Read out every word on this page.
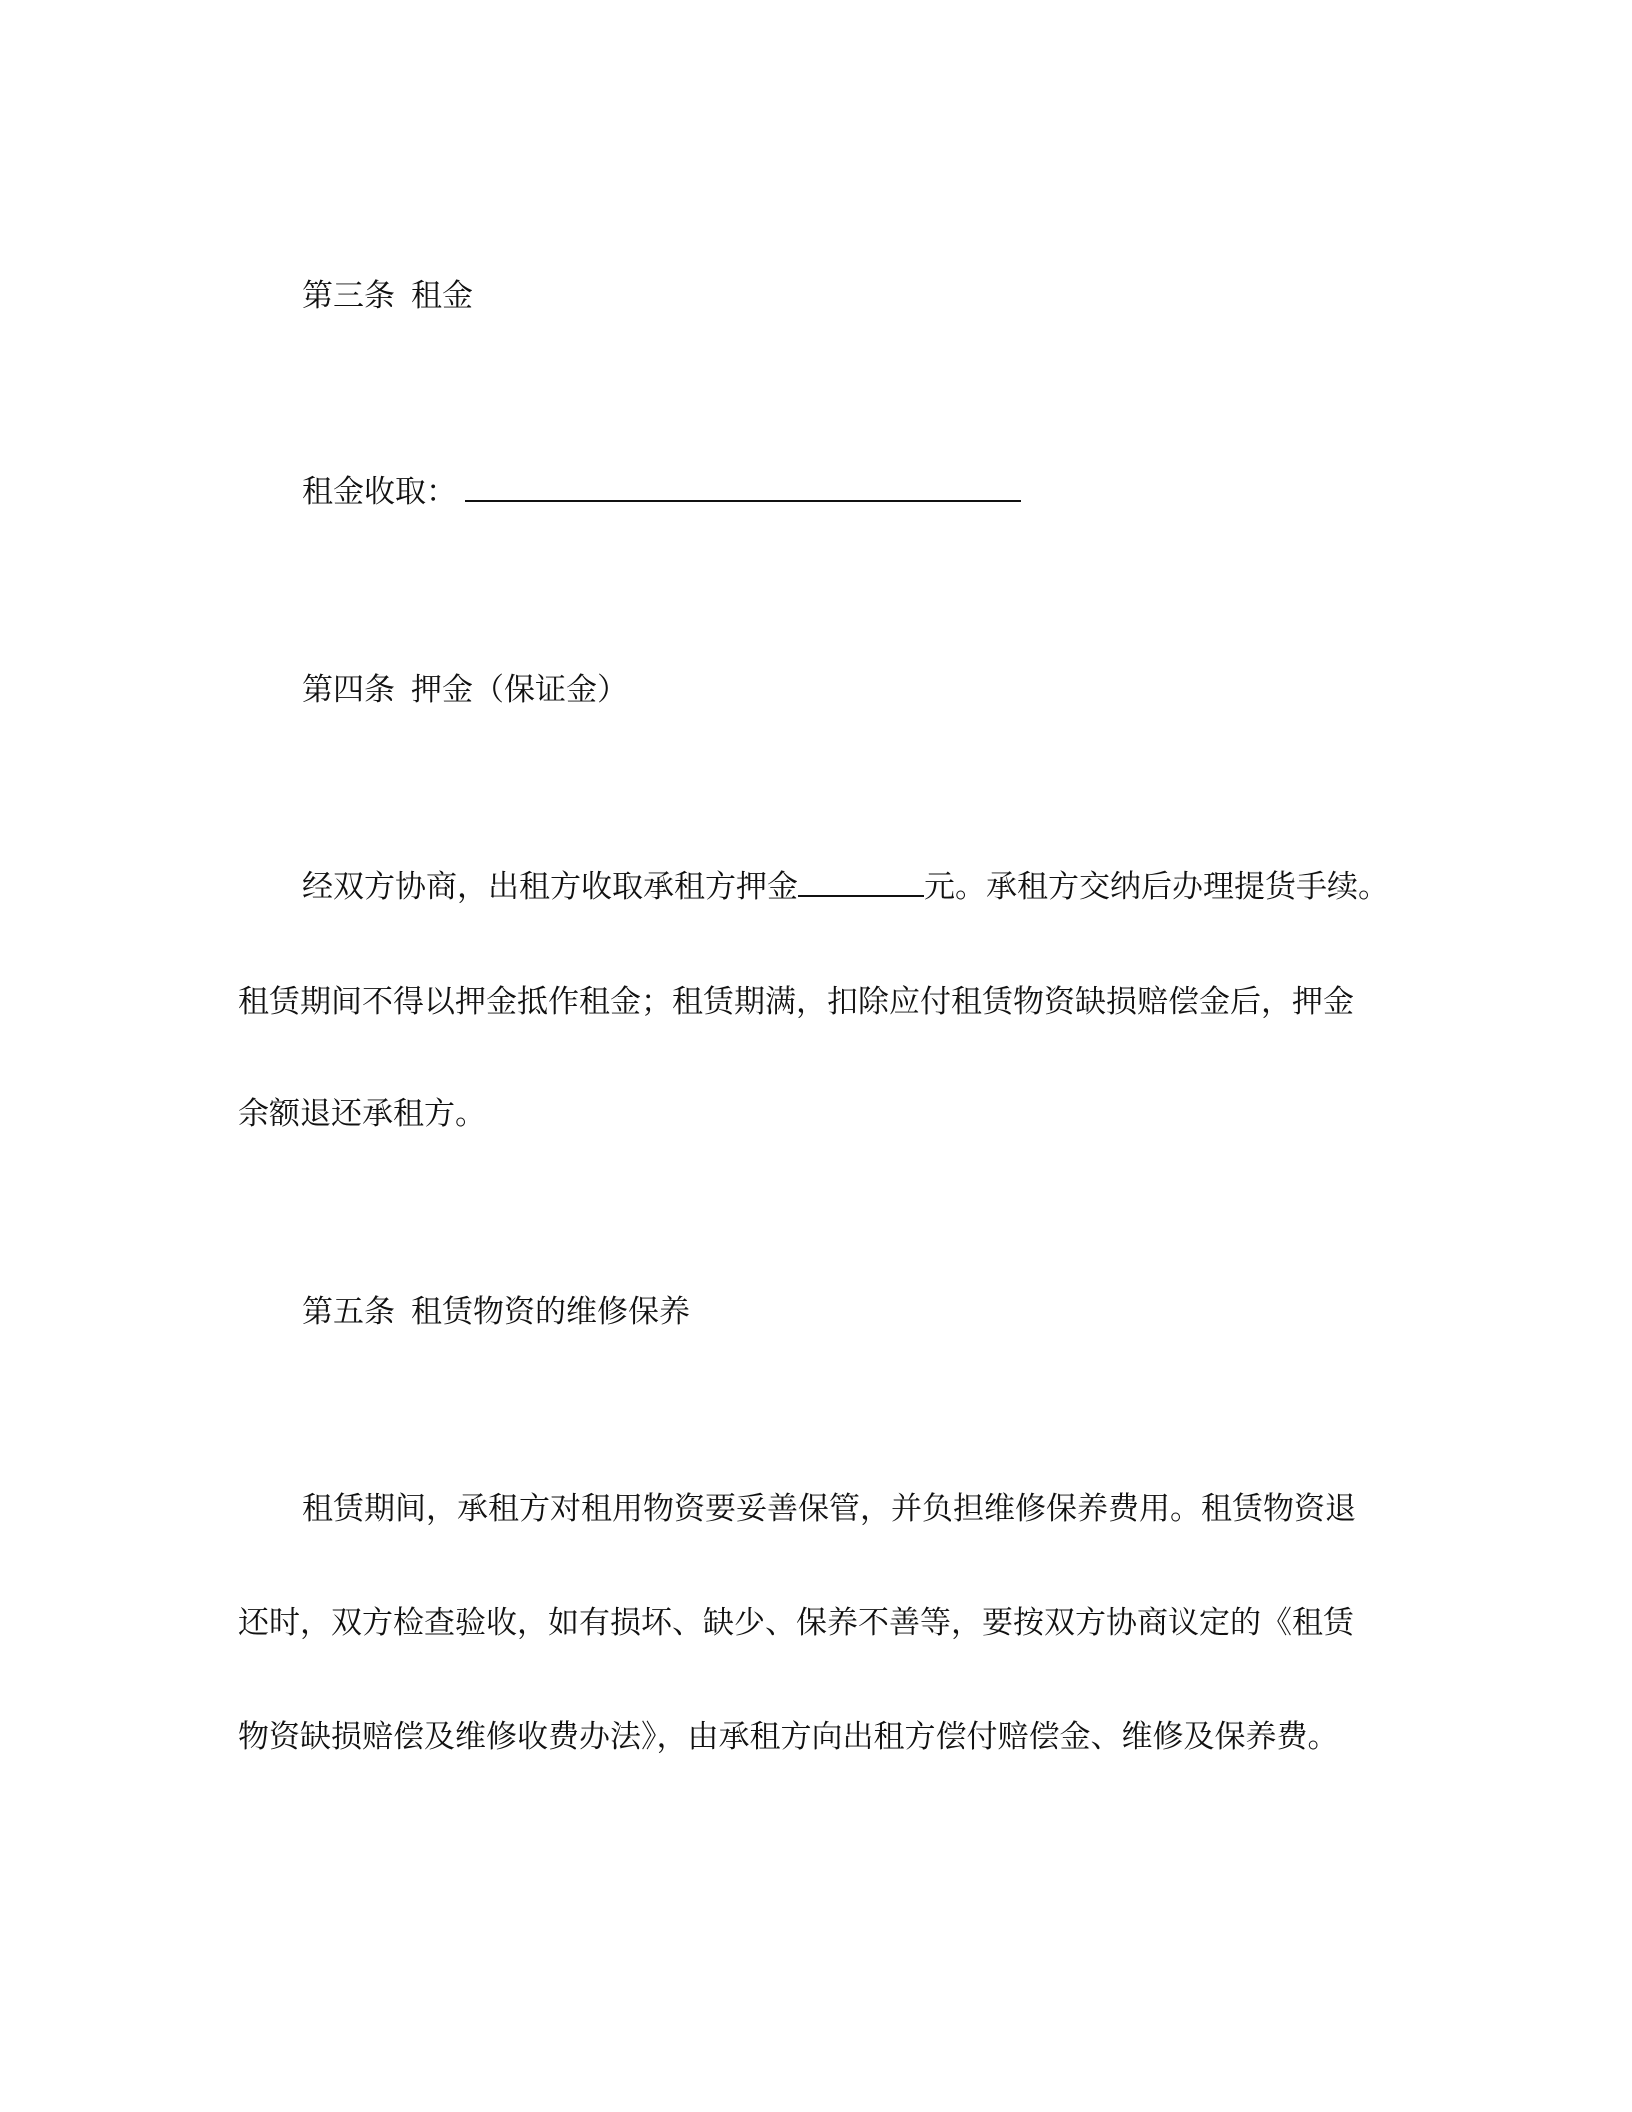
第三条 租金
租金收取：
第四条 押金（保证金）
经双方协商，出租方收取承租方押金	元。承租方交纳后办理提货手续。
租赁期间不得以押金抵作租金；租赁期满，扣除应付租赁物资缺损赔偿金后，押金
余额退还承租方。
第五条 租赁物资的维修保养
租赁期间，承租方对租用物资要妥善保管，并负担维修保养费用。租赁物资退
还时，双方检查验收，如有损坏、缺少、保养不善等，要按双方协商议定的《租赁
物资缺损赔偿及维修收费办法》，由承租方向出租方偿付赔偿金、维修及保养费。
